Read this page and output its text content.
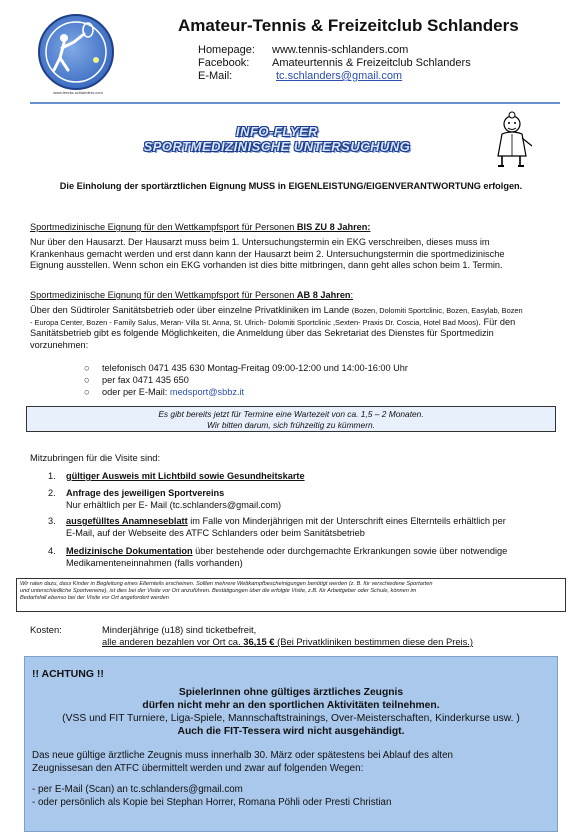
www.tennis-schlanders.com
Amateur-Tennis & Freizeitclub Schlanders
Homepage: www.tennis-schlanders.com
Facebook: Amateurtennis & Freizeitclub Schlanders
E-Mail:	tc.schlanders@gmail.com
INFO-FLYER
SPORTMEDIZINISCHE UNTERSUCHUNG
Die Einholung der sportärztlichen Eignung MUSS in EIGENLEISTUNG/EIGENVERANTWORTUNG erfolgen.
Sportmedizinische Eignung für den Wettkampfsport für Personen BIS ZU 8 Jahren:
Nur über den Hausarzt. Der Hausarzt muss beim 1. Untersuchungstermin ein EKG verschreiben, dieses muss im
Krankenhaus gemacht werden und erst dann kann der Hausarzt beim 2. Untersuchungstermin die sportmedizinische
Eignung ausstellen. Wenn schon ein EKG vorhanden ist dies bitte mitbringen, dann geht alles schon beim 1. Termin.
Sportmedizinische Eignung für den Wettkampfsport für Personen AB 8 Jahren:
Über den Südtiroler Sanitätsbetrieb oder über einzelne Privatkliniken im Lande (Bozen, Dolomiti Sportclinic, Bozen, Easylab, Bozen
- Europa Center, Bozen - Family Salus, Meran- Villa St. Anna, St. Ulrich- Dolomiti Sportclinic ,Sexten- Praxis Dr. Coscia, Hotel Bad Moos). Für den
Sanitätsbetrieb gibt es folgende Möglichkeiten, die Anmeldung über das Sekretariat des Dienstes für Sportmedizin
vorzunehmen:
○ telefonisch 0471 435 630 Montag-Freitag 09:00-12:00 und 14:00-16:00 Uhr
○ per fax 0471 435 650
○ oder per E-Mail: medsport@sbbz.it
Es gibt bereits jetzt für Termine eine Wartezeit von ca. 1,5 – 2 Monaten.
Wir bitten darum, sich frühzeitig zu kümmern.
Mitzubringen für die Visite sind:
1. gültiger Ausweis mit Lichtbild sowie Gesundheitskarte
2. Anfrage des jeweiligen Sportvereins
Nur erhältlich per E- Mail (tc.schlanders@gmail.com)
3. ausgefülltes Anamneseblatt im Falle von Minderjährigen mit der Unterschrift eines Elternteils erhältlich per
E-Mail, auf der Webseite des ATFC Schlanders oder beim Sanitätsbetrieb
4. Medizinische Dokumentation über bestehende oder durchgemachte Erkrankungen sowie über notwendige
Medikamenteneinnahmen (falls vorhanden)
Wir raten dazu, dass Kinder in Begleitung eines Elternteils erscheinen. Sollten mehrere Wettkampfbescheinigungen benötigt werden (z. B. für verschiedene Sportarten
und unterschiedliche Sportvereine), ist dies bei der Visite vor Ort anzuführen. Bestätigungen über die erfolgte Visite, z.B. für Arbeitgeber oder Schule, können im
Bedarfsfall ebenso bei der Visite vor Ort angefordert werden
Kosten:	Minderjährige (u18) sind ticketbefreit,
alle anderen bezahlen vor Ort ca. 36,15 € (Bei Privatkliniken bestimmen diese den Preis.)
!! ACHTUNG !!
SpielerInnen ohne gültiges ärztliches Zeugnis
dürfen nicht mehr an den sportlichen Aktivitäten teilnehmen.
(VSS und FIT Turniere, Liga-Spiele, Mannschaftstrainings, Over-Meisterschaften, Kinderkurse usw. )
Auch die FIT-Tessera wird nicht ausgehändigt.
Das neue gültige ärztliche Zeugnis muss innerhalb 30. März oder spätestens bei Ablauf des alten
Zeugnissesan den ATFC übermittelt werden und zwar auf folgenden Wegen:
- per E-Mail (Scan) an tc.schlanders@gmail.com
- oder persönlich als Kopie bei Stephan Horrer, Romana Pöhli oder Presti Christian
